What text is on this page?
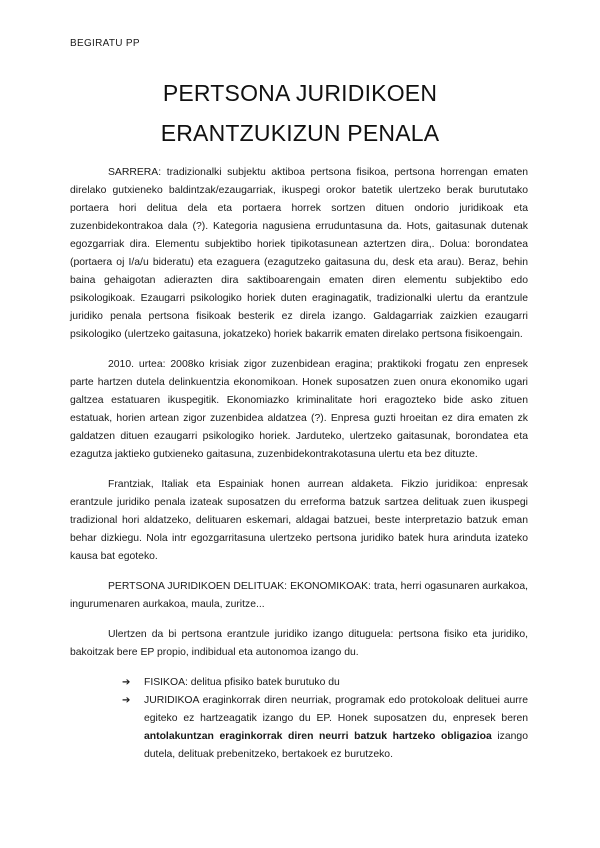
BEGIRATU PP
PERTSONA JURIDIKOEN
ERANTZUKIZUN PENALA

SARRERA: tradizionalki subjektu aktiboa pertsona fisikoa, pertsona horrengan ematen direlako gutxieneko baldintzak/ezaugarriak, ikuspegi orokor batetik ulertzeko berak burututako portaera hori delitua dela eta portaera horrek sortzen dituen ondorio juridikoak eta zuzenbidekontrakoa dala (?). Kategoria nagusiena erruduntasuna da. Hots, gaitasunak dutenak egozgarriak dira. Elementu subjektibo horiek tipikotasunean aztertzen dira,. Dolua: borondatea (portaera oj I/a/u bideratu) eta ezaguera (ezagutzeko gaitasuna du, desk eta arau). Beraz, behin baina gehaigotan adierazten dira saktiboarengain ematen diren elementu subjektibo edo psikologikoak. Ezaugarri psikologiko horiek duten eraginagatik, tradizionalki ulertu da erantzule juridiko penala pertsona fisikoak besterik ez direla izango. Galdagarriak zaizkien ezaugarri psikologiko (ulertzeko gaitasuna, jokatzeko) horiek bakarrik ematen direlako pertsona fisikoengain.

2010. urtea: 2008ko krisiak zigor zuzenbidean eragina; praktikoki frogatu zen enpresek parte hartzen dutela delinkuentzia ekonomikoan. Honek suposatzen zuen onura ekonomiko ugari galtzea estatuaren ikuspegitik. Ekonomiazko kriminalitate hori eragozteko bide asko zituen estatuak, horien artean zigor zuzenbidea aldatzea (?). Enpresa guzti hroeitan ez dira ematen zk galdatzen dituen ezaugarri psikologiko horiek. Jarduteko, ulertzeko gaitasunak, borondatea eta ezagutza jaktieko gutxieneko gaitasuna, zuzenbidekontrakotasuna ulertu eta bez dituzte.

Frantziak, Italiak eta Espainiak honen aurrean aldaketa. Fikzio juridikoa: enpresak erantzule juridiko penala izateak suposatzen du erreforma batzuk sartzea delituak zuen ikuspegi tradizional hori aldatzeko, delituaren eskemari, aldagai batzuei, beste interpretazio batzuk eman behar dizkiegu. Nola intr egozgarritasuna ulertzeko pertsona juridiko batek hura arinduta izateko kausa bat egoteko.

PERTSONA JURIDIKOEN DELITUAK: EKONOMIKOAK: trata, herri ogasunaren aurkakoa, ingurumenaren aurkakoa, maula, zuritze...

Ulertzen da bi pertsona erantzule juridiko izango dituguela: pertsona fisiko eta juridiko, bakoitzak bere EP propio, indibidual eta autonomoa izango du.

➔ FISIKOA: delitua pfisiko batek burutuko du
➔ JURIDIKOA eraginkorrak diren neurriak, programak edo protokoloak delituei aurre egiteko ez hartzeagatik izango du EP. Honek suposatzen du, enpresek beren antolakuntzan eraginkorrak diren neurri batzuk hartzeko obligazioa izango dutela, delituak prebenitzeko, bertakoek ez burutzeko.
